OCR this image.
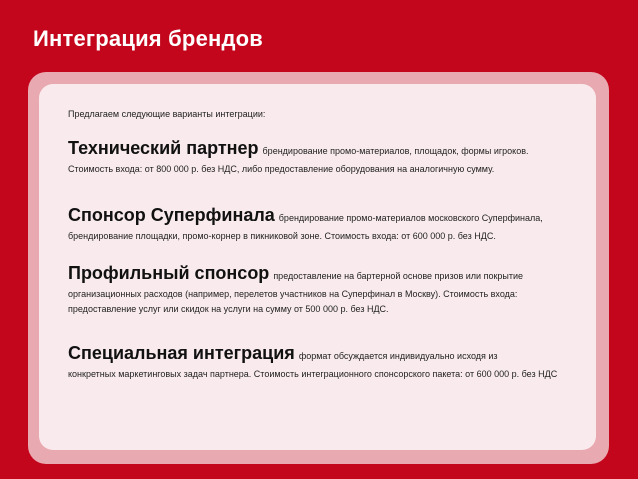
Интеграция брендов

Предлагаем следующие варианты интеграции:

Технический партнер брендирование промо-материалов, площадок, формы игроков.
Стоимость входа: от 800 000 р. без НДС, либо предоставление оборудования на аналогичную сумму.
Спонсор Суперфинала брендирование промо-материалов московского Суперфинала,
брендирование площадки, промо-корнер в пикниковой зоне. Стоимость входа: от 600 000 р. без НДС.
Профильный спонсор предоставление на бартерной основе призов или покрытие
организационных расходов (например, перелетов участников на Суперфинал в Москву). Стоимость входа: предоставление услуг или скидок на услуги на сумму от 500 000 р. без НДС.
Специальная интеграция формат обсуждается индивидуально исходя из
конкретных маркетинговых задач партнера. Стоимость интеграционного спонсорского пакета: от 600 000 р. без НДС
